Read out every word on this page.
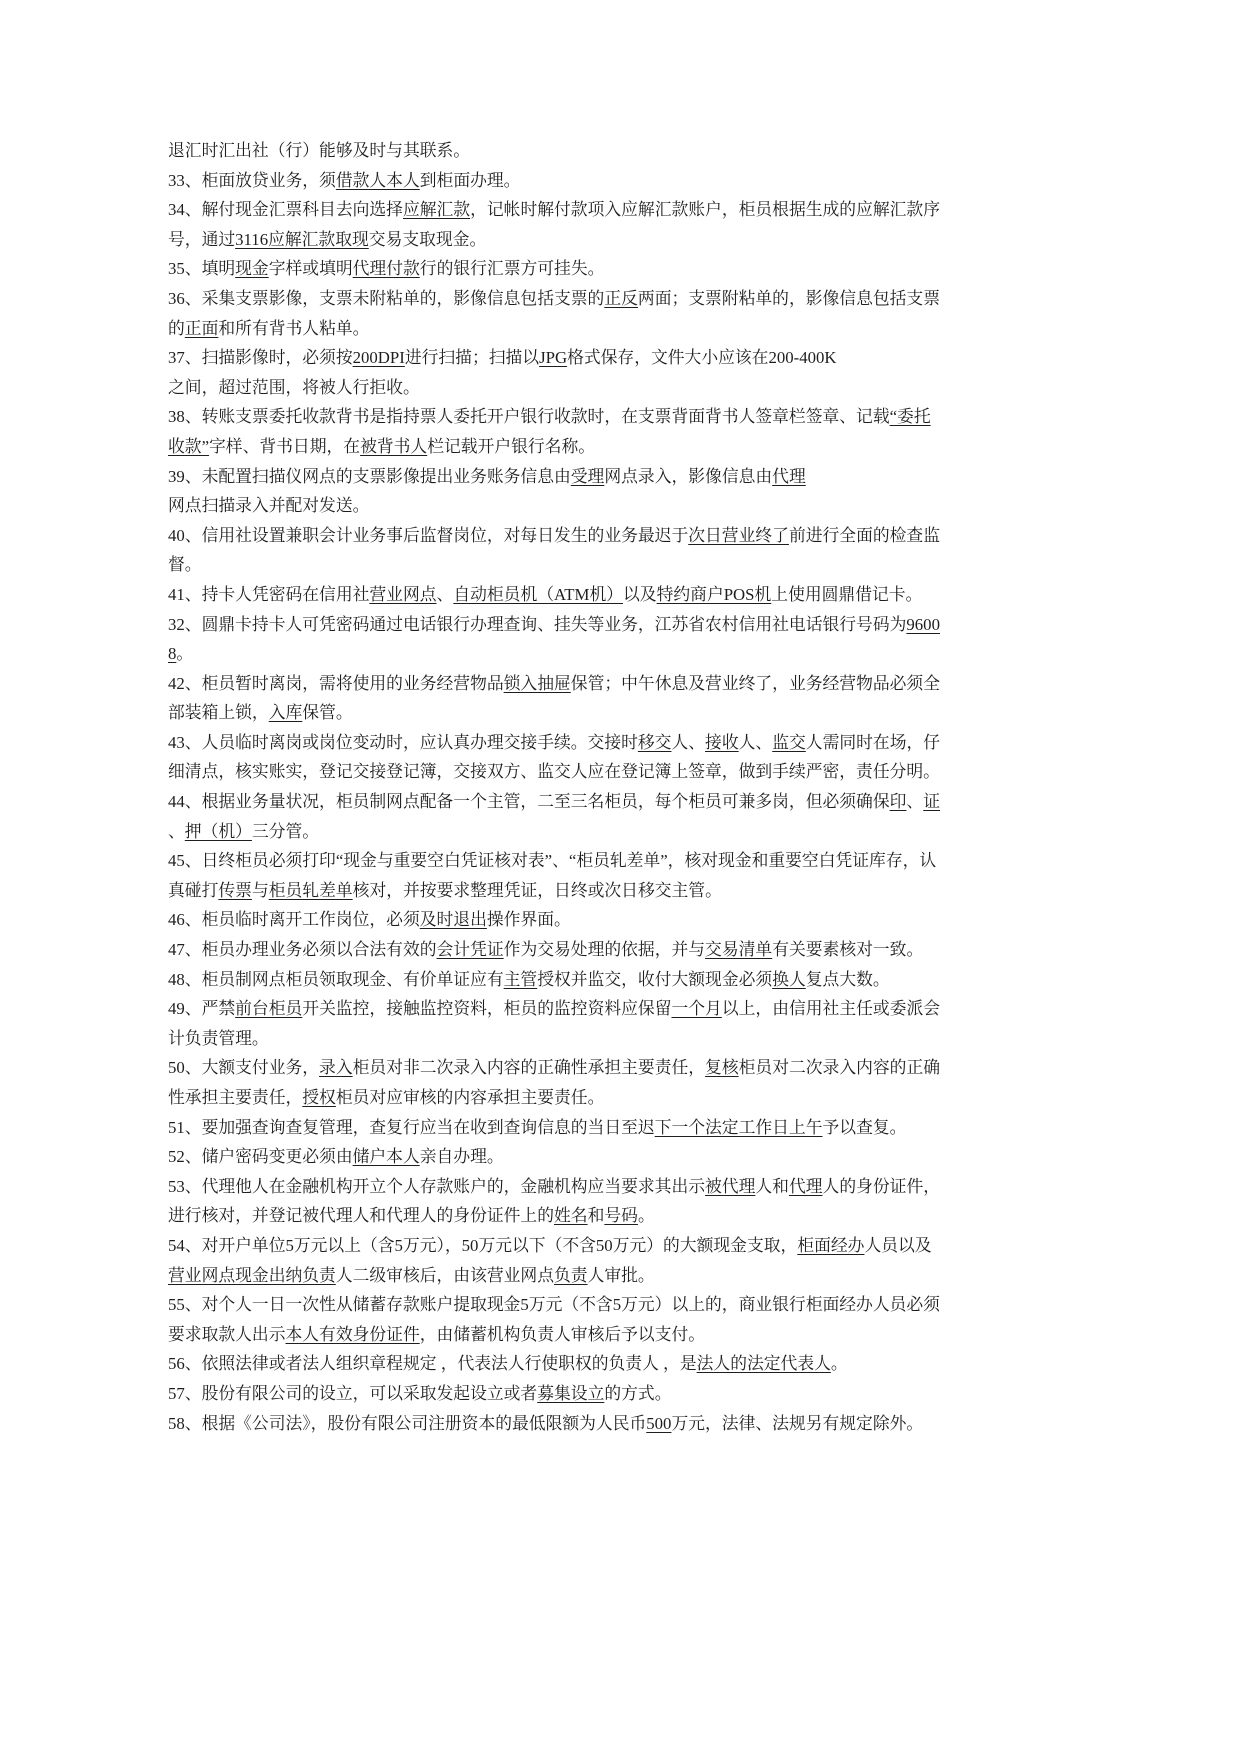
退汇时汇出社（行）能够及时与其联系。
33、柜面放贷业务，须借款人本人到柜面办理。
34、解付现金汇票科目去向选择应解汇款，记帐时解付款项入应解汇款账户，柜员根据生成的应解汇款序
号，通过3116应解汇款取现交易支取现金。
35、填明现金字样或填明代理付款行的银行汇票方可挂失。
36、采集支票影像，支票未附粘单的，影像信息包括支票的正反两面；支票附粘单的，影像信息包括支票
的正面和所有背书人粘单。
37、扫描影像时，必须按200DPI进行扫描；扫描以JPG格式保存，文件大小应该在200-400K
之间，超过范围，将被人行拒收。
38、转账支票委托收款背书是指持票人委托开户银行收款时，在支票背面背书人签章栏签章、记载“委托
收款”字样、背书日期，在被背书人栏记载开户银行名称。
39、未配置扫描仪网点的支票影像提出业务账务信息由受理网点录入，影像信息由代理
网点扫描录入并配对发送。
40、信用社设置兼职会计业务事后监督岗位，对每日发生的业务最迟于次日营业终了前进行全面的检查监
督。
41、持卡人凭密码在信用社营业网点、自动柜员机（ATM机）以及特约商户POS机上使用圆鼎借记卡。
32、圆鼎卡持卡人可凭密码通过电话银行办理查询、挂失等业务，江苏省农村信用社电话银行号码为9600
8。
42、柜员暂时离岗，需将使用的业务经营物品锁入抽屉保管；中午休息及营业终了，业务经营物品必须全
部装箱上锁，入库保管。
43、人员临时离岗或岗位变动时，应认真办理交接手续。交接时移交人、接收人、监交人需同时在场，仔
细清点，核实账实，登记交接登记簿，交接双方、监交人应在登记簿上签章，做到手续严密，责任分明。
44、根据业务量状况，柜员制网点配备一个主管，二至三名柜员，每个柜员可兼多岗，但必须确保印、证
、押（机）三分管。
45、日终柜员必须打印“现金与重要空白凭证核对表”、“柜员轧差单”，核对现金和重要空白凭证库存，认
真碰打传票与柜员轧差单核对，并按要求整理凭证，日终或次日移交主管。
46、柜员临时离开工作岗位，必须及时退出操作界面。
47、柜员办理业务必须以合法有效的会计凭证作为交易处理的依据，并与交易清单有关要素核对一致。
48、柜员制网点柜员领取现金、有价单证应有主管授权并监交，收付大额现金必须换人复点大数。
49、严禁前台柜员开关监控，接触监控资料，柜员的监控资料应保留一个月以上，由信用社主任或委派会
计负责管理。
50、大额支付业务，录入柜员对非二次录入内容的正确性承担主要责任，复核柜员对二次录入内容的正确
性承担主要责任，授权柜员对应审核的内容承担主要责任。
51、要加强查询查复管理，查复行应当在收到查询信息的当日至迟下一个法定工作日上午予以查复。
52、储户密码变更必须由储户本人亲自办理。
53、代理他人在金融机构开立个人存款账户的，金融机构应当要求其出示被代理人和代理人的身份证件，
进行核对，并登记被代理人和代理人的身份证件上的姓名和号码。
54、对开户单位5万元以上（含5万元），50万元以下（不含50万元）的大额现金支取，柜面经办人员以及
营业网点现金出纳负责人二级审核后，由该营业网点负责人审批。
55、对个人一日一次性从储蓄存款账户提取现金5万元（不含5万元）以上的，商业银行柜面经办人员必须
要求取款人出示本人有效身份证件，由储蓄机构负责人审核后予以支付。
56、依照法律或者法人组织章程规定 ，代表法人行使职权的负责人 ，是法人的法定代表人。
57、股份有限公司的设立，可以采取发起设立或者募集设立的方式。
58、根据《公司法》，股份有限公司注册资本的最低限额为人民币500万元，法律、法规另有规定除外。
